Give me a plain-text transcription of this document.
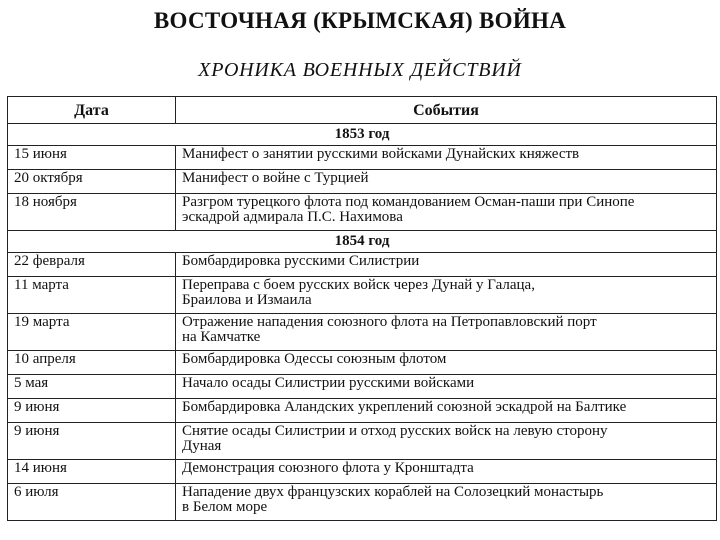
ВОСТОЧНАЯ (КРЫМСКАЯ) ВОЙНА
ХРОНИКА ВОЕННЫХ ДЕЙСТВИЙ
Дата	События
1853 год	
15 июня	Манифест о занятии русскими войсками Дунайских княжеств
20 октября	Манифест о войне с Турцией
18 ноября	Разгром турецкого флота под командованием Осман-паши при Синопе
эскадрой адмирала П.С. Нахимова
1854 год	
22 февраля	Бомбардировка русскими Силистрии
11 марта	Переправа с боем русских войск через Дунай у Галаца,
Браилова и Измаила
19 марта	Отражение нападения союзного флота на Петропавловский порт
на Камчатке
10 апреля	Бомбардировка Одессы союзным флотом
5 мая	Начало осады Силистрии русскими войсками
9 июня	Бомбардировка Аландских укреплений союзной эскадрой на Балтике
9 июня	Снятие осады Силистрии и отход русских войск на левую сторону
Дуная
14 июня	Демонстрация союзного флота у Кронштадта
6 июля	Нападение двух французских кораблей на Солозецкий монастырь
в Белом море
